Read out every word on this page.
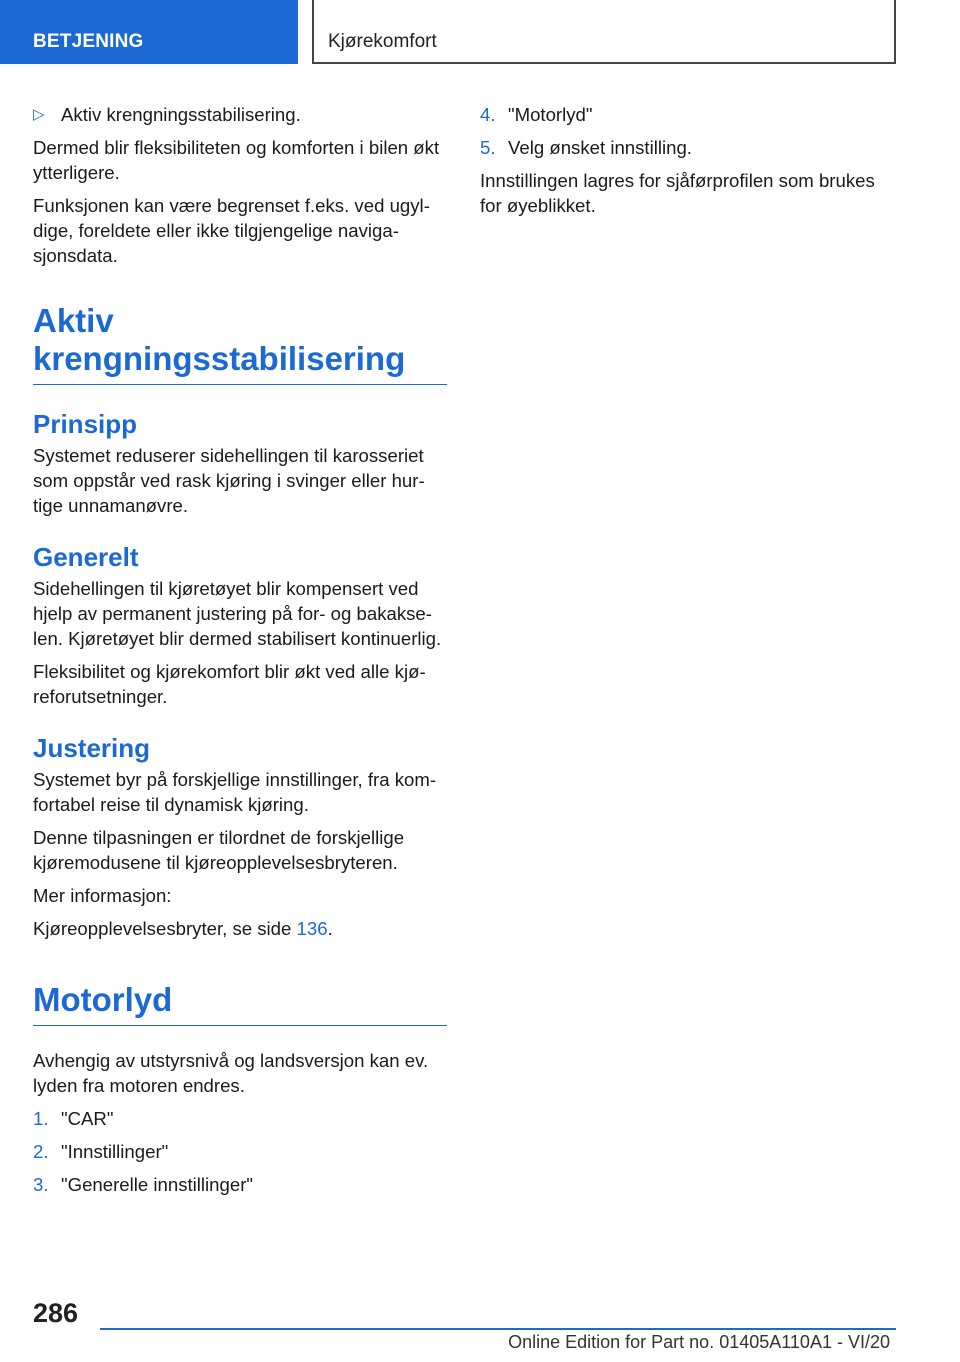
BETJENING	Kjørekomfort
▷ Aktiv krengningsstabilisering.

Dermed blir fleksibiliteten og komforten i bilen økt ytterligere.

Funksjonen kan være begrenset f.eks. ved ugyldige, foreldete eller ikke tilgjengelige navigasjonsdata.

Aktiv krengningsstabilisering
Prinsipp

Systemet reduserer sidehellingen til karosseriet som oppstår ved rask kjøring i svinger eller hurtige unnamanøvre.

Generelt

Sidehellingen til kjøretøyet blir kompensert ved hjelp av permanent justering på for- og bakakselen. Kjøretøyet blir dermed stabilisert kontinuerlig.

Fleksibilitet og kjørekomfort blir økt ved alle kjøreforutsetninger.

Justering

Systemet byr på forskjellige innstillinger, fra komfortabel reise til dynamisk kjøring.

Denne tilpasningen er tilordnet de forskjellige kjøremodusene til kjøreopplevelsesbryteren.

Mer informasjon:

Kjøreopplevelsesbryter, se side 136.

Motorlyd

Avhengig av utstyrsnivå og landsversjon kan ev. lyden fra motoren endres.

1. "CAR"
2. "Innstillinger"
3. "Generelle innstillinger"
4. "Motorlyd"
5. Velg ønsket innstilling.

Innstillingen lagres for sjåførprofilen som brukes for øyeblikket.

286
Online Edition for Part no. 01405A110A1 - VI/20
